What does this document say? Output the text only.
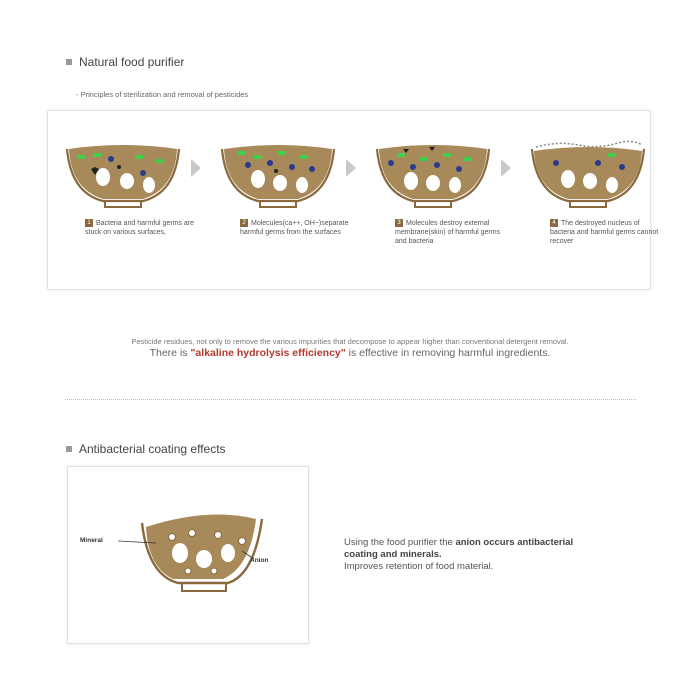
Natural food purifier
- Principles of sterilization and removal of pesticides
1 Bacteria and harmful germs are stuck on various surfaces,
2 Molecules(ca++, OH−)separate harmful germs from the surfaces
3 Molecules destroy external membrane(skin) of harmful germs and bacteria
4 The destroyed nucleus of bacteria and harmful germs cannot recover
Pesticide residues, not only to remove the various impurities that decompose to appear higher than conventional detergent removal.
There is "alkaline hydrolysis efficiency" is effective in removing harmful ingredients.
Antibacterial coating effects
Mineral
Anion
Using the food purifier the anion occurs antibacterial coating and minerals.
Improves retention of food material.
